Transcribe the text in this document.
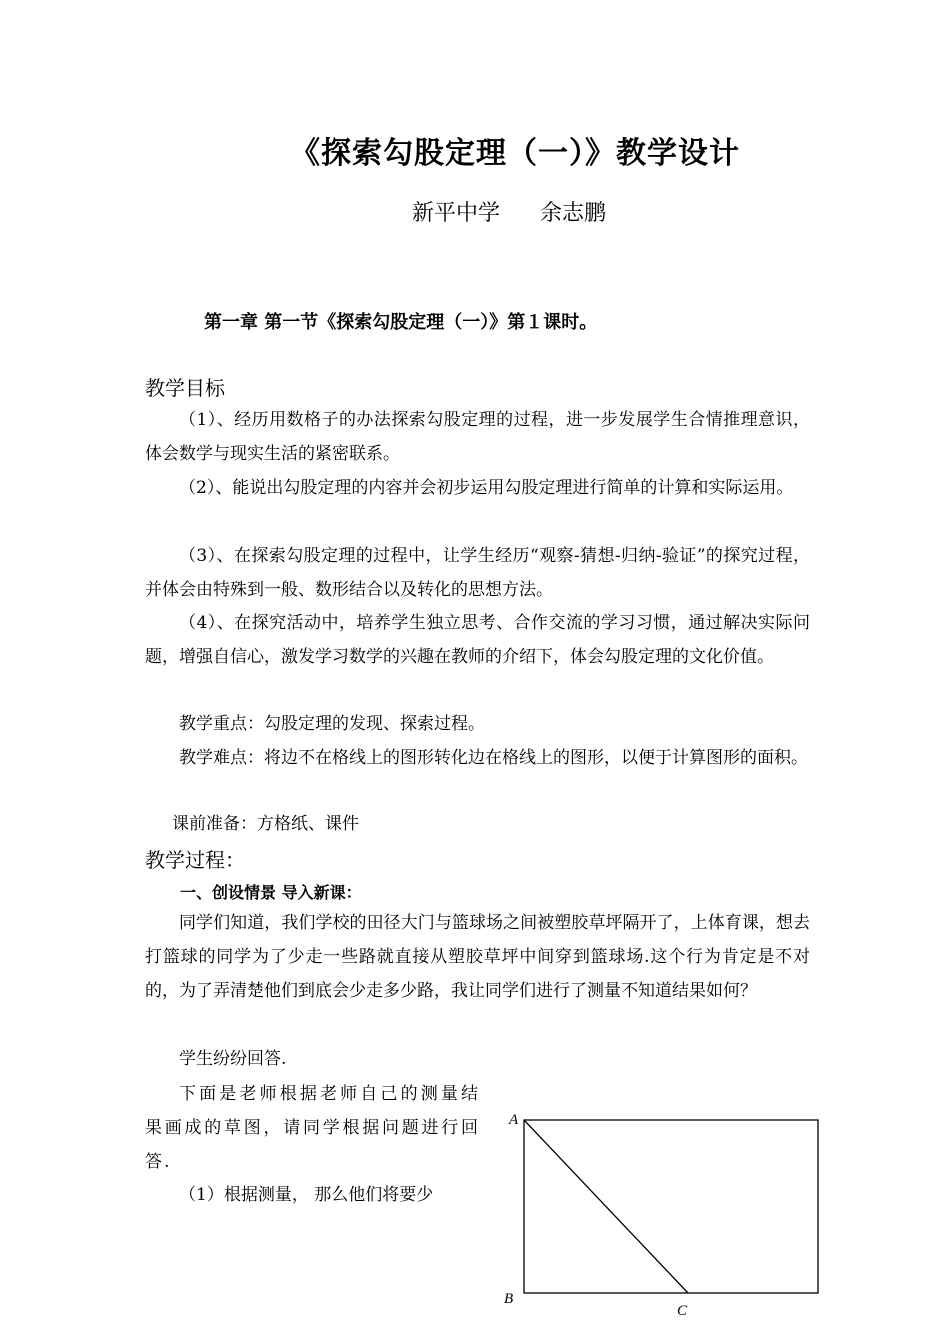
《探索勾股定理（一）》教学设计
新平中学 余志鹏
第一章 第一节《探索勾股定理（一）》第１课时。
教学目标
（1）、经历用数格子的办法探索勾股定理的过程，进一步发展学生合情推理意识，体会数学与现实生活的紧密联系。
（2）、能说出勾股定理的内容并会初步运用勾股定理进行简单的计算和实际运用。
（3）、在探索勾股定理的过程中，让学生经历“观察-猜想-归纳-验证”的探究过程，并体会由特殊到一般、数形结合以及转化的思想方法。
（4）、在探究活动中，培养学生独立思考、合作交流的学习习惯，通过解决实际问题，增强自信心，激发学习数学的兴趣在教师的介绍下，体会勾股定理的文化价值。
教学重点：勾股定理的发现、探索过程。
教学难点：将边不在格线上的图形转化边在格线上的图形，以便于计算图形的面积。
课前准备：方格纸、课件
教学过程：
一、创设情景 导入新课：
同学们知道，我们学校的田径大门与篮球场之间被塑胶草坪隔开了，上体育课，想去打篮球的同学为了少走一些路就直接从塑胶草坪中间穿到篮球场.这个行为肯定是不对的，为了弄清楚他们到底会少走多少路，我让同学们进行了测量不知道结果如何？
学生纷纷回答.
下面是老师根据老师自己的测量结果画成的草图，请同学根据问题进行回答.
（1）根据测量， 那么他们将要少
A
B
C
